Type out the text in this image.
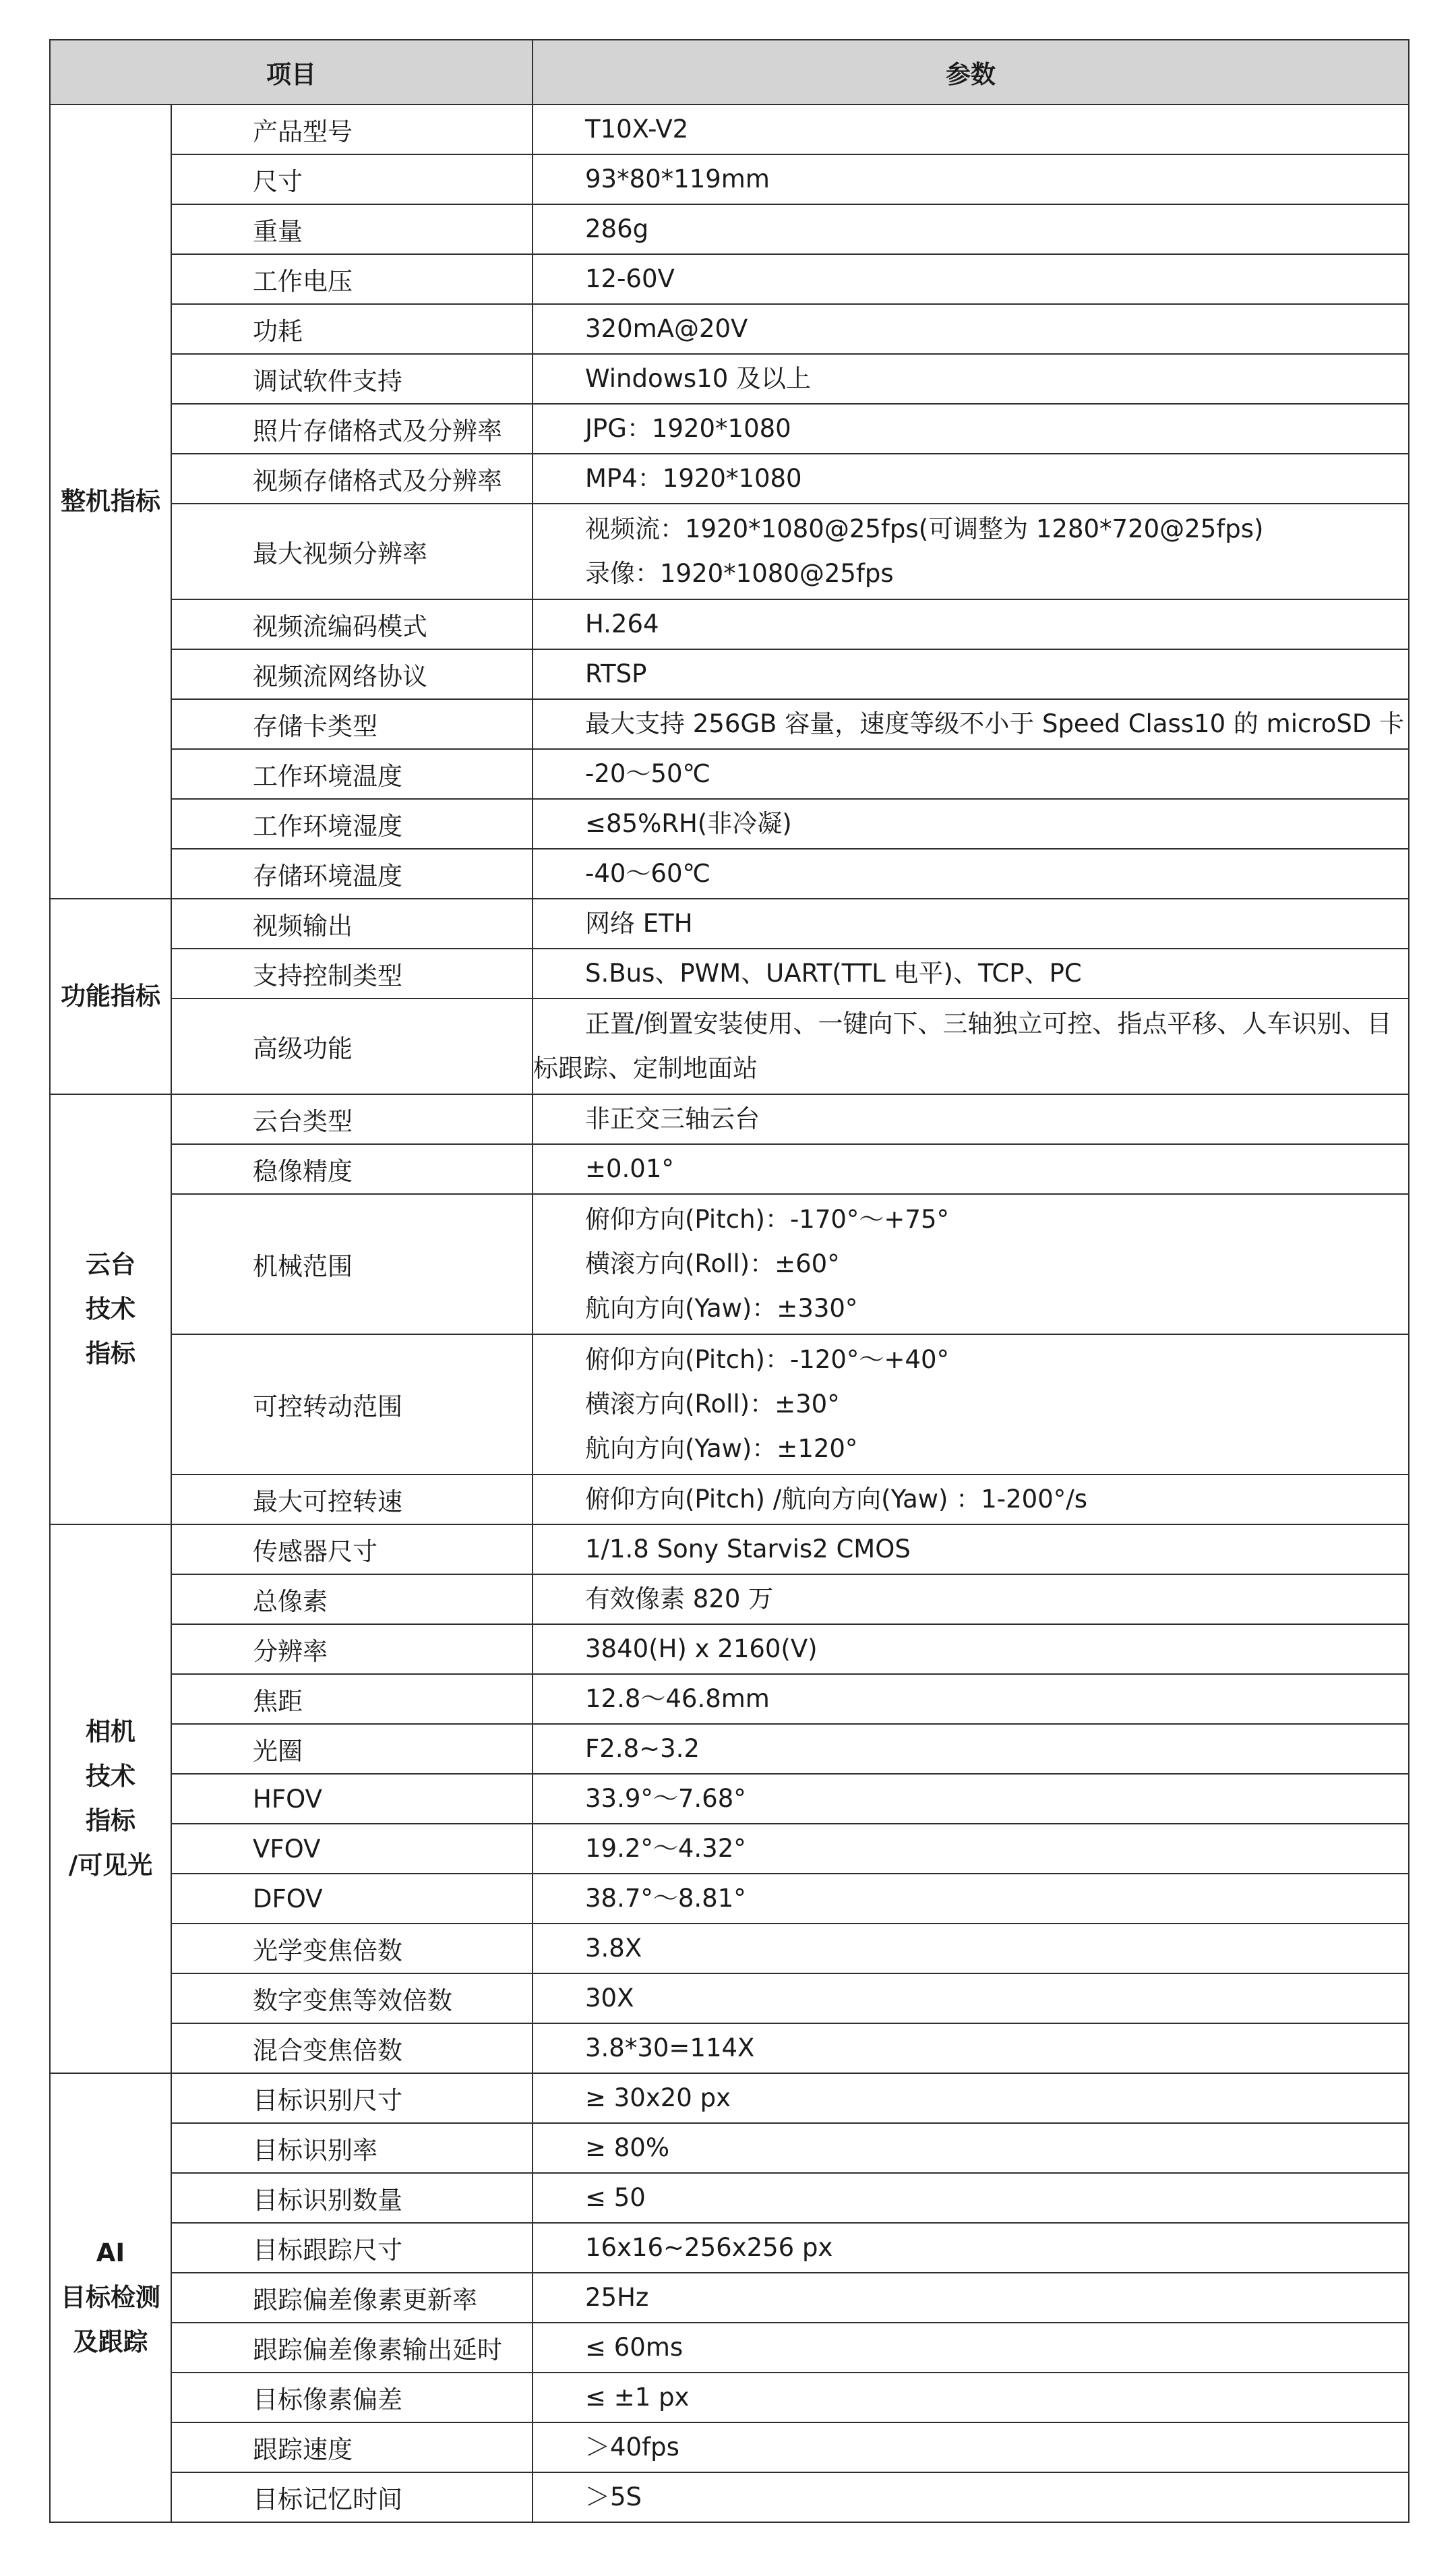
项目		参数

整机指标	产品型号	T10X-V2

	尺寸	93*80*119mm

	重量	286g

	工作电压	12-60V

	功耗	320mA@20V

	调试软件支持	Windows10 及以上

	照片存储格式及分辨率	JPG：1920*1080

	视频存储格式及分辨率	MP4：1920*1080

	最大视频分辨率	视频流：1920*1080@25fps(可调整为 1280*720@25fps)
录像：1920*1080@25fps

	视频流编码模式	H.264

	视频流网络协议	RTSP

	存储卡类型	最大支持 256GB 容量，速度等级不小于 Speed Class10 的 microSD 卡

	工作环境温度	-20～50℃

	工作环境湿度	≤85%RH(非冷凝)

	存储环境温度	-40～60℃

功能指标	视频输出	网络 ETH

	支持控制类型	S.Bus、PWM、UART(TTL 电平)、TCP、PC

	高级功能	正置/倒置安装使用、一键向下、三轴独立可控、指点平移、人车识别、目标跟踪、定制地面站

云台
技术
指标	云台类型	非正交三轴云台

	稳像精度	±0.01°

	机械范围	俯仰方向(Pitch)：-170°～+75°
横滚方向(Roll)：±60°
航向方向(Yaw)：±330°

	可控转动范围	俯仰方向(Pitch)：-120°～+40°
横滚方向(Roll)：±30°
航向方向(Yaw)：±120°

	最大可控转速	俯仰方向(Pitch) /航向方向(Yaw) ：1-200°/s

相机
技术
指标
/可见光	传感器尺寸	1/1.8 Sony Starvis2 CMOS

	总像素	有效像素 820 万

	分辨率	3840(H) x 2160(V)

	焦距	12.8～46.8mm

	光圈	F2.8~3.2

	HFOV	33.9°～7.68°

	VFOV	19.2°～4.32°

	DFOV	38.7°～8.81°

	光学变焦倍数	3.8X

	数字变焦等效倍数	30X

	混合变焦倍数	3.8*30=114X

AI
目标检测
及跟踪	目标识别尺寸	≥ 30x20 px

	目标识别率	≥ 80%

	目标识别数量	≤ 50

	目标跟踪尺寸	16x16~256x256 px

	跟踪偏差像素更新率	25Hz

	跟踪偏差像素输出延时	≤ 60ms

	目标像素偏差	≤ ±1 px

	跟踪速度	＞40fps

	目标记忆时间	＞5S
